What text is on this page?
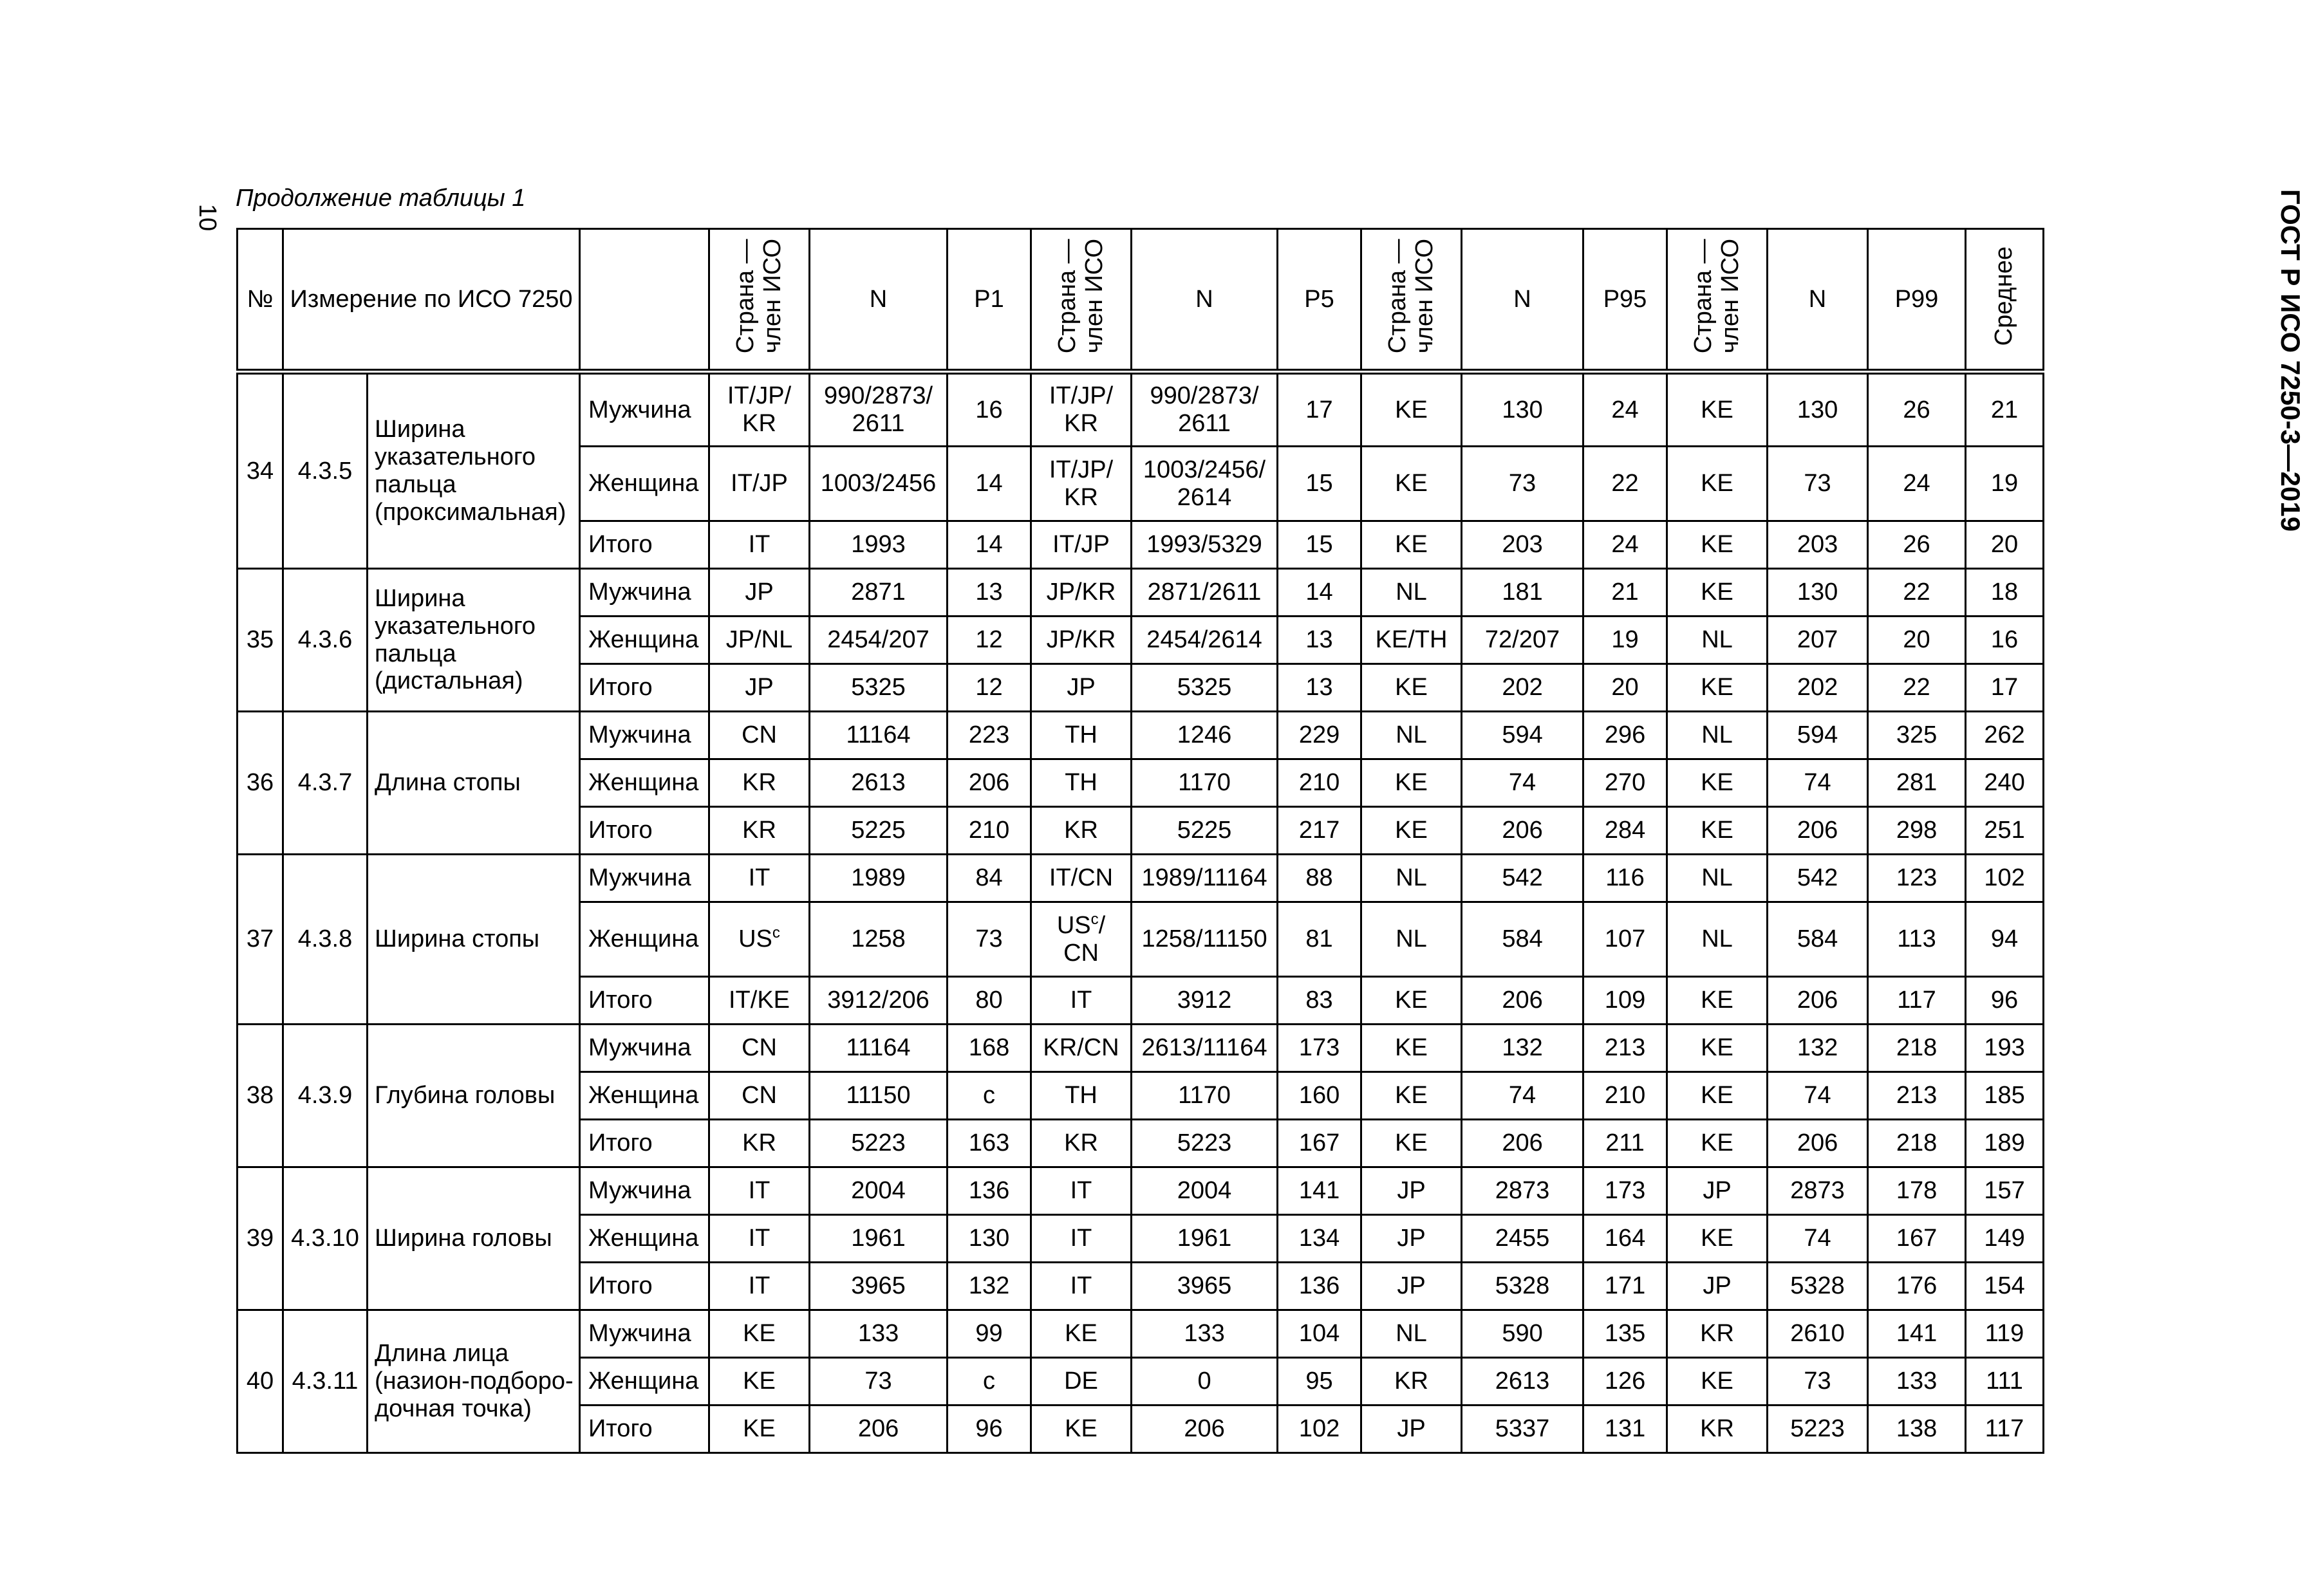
10
Продолжение таблицы 1	ГОСТ Р ИСО 7250-3—2019
№	Измерение по ИСО 7250			Страна —
член ИСО	N	P1	Страна —
член ИСО	N	P5	Страна —
член ИСО	N	P95	Страна —
член ИСО	N	P99	Среднее
34	4.3.5	Ширина указательного пальца (проксимальная)	Мужчина	IT/JP/
KR	990/2873/
2611	16	IT/JP/
KR	990/2873/
2611	17	KE	130	24	KE	130	26	21
			Женщина	IT/JP	1003/2456	14	IT/JP/
KR	1003/2456/
2614	15	KE	73	22	KE	73	24	19
			Итого	IT	1993	14	IT/JP	1993/5329	15	KE	203	24	KE	203	26	20
35	4.3.6	Ширина указательного пальца (дистальная)	Мужчина	JP	2871	13	JP/KR	2871/2611	14	NL	181	21	KE	130	22	18
			Женщина	JP/NL	2454/207	12	JP/KR	2454/2614	13	KE/TH	72/207	19	NL	207	20	16
			Итого	JP	5325	12	JP	5325	13	KE	202	20	KE	202	22	17
36	4.3.7	Длина стопы	Мужчина	CN	11164	223	TH	1246	229	NL	594	296	NL	594	325	262
			Женщина	KR	2613	206	TH	1170	210	KE	74	270	KE	74	281	240
			Итого	KR	5225	210	KR	5225	217	KE	206	284	KE	206	298	251
37	4.3.8	Ширина стопы	Мужчина	IT	1989	84	IT/CN	1989/11164	88	NL	542	116	NL	542	123	102
			Женщина	$US^c$	1258	73	$US^c/$
CN	1258/11150	81	NL	584	107	NL	584	113	94
			Итого	IT/KE	3912/206	80	IT	3912	83	KE	206	109	KE	206	117	96
38	4.3.9	Глубина головы	Мужчина	CN	11164	168	KR/CN	2613/11164	173	KE	132	213	KE	132	218	193
			Женщина	CN	11150	c	TH	1170	160	KE	74	210	KE	74	213	185
			Итого	KR	5223	163	KR	5223	167	KE	206	211	KE	206	218	189
39	4.3.10	Ширина головы	Мужчина	IT	2004	136	IT	2004	141	JP	2873	173	JP	2873	178	157
			Женщина	IT	1961	130	IT	1961	134	JP	2455	164	KE	74	167	149
			Итого	IT	3965	132	IT	3965	136	JP	5328	171	JP	5328	176	154
40	4.3.11	Длина лица (назион-подборо-дочная точка)	Мужчина	KE	133	99	KE	133	104	NL	590	135	KR	2610	141	119
			Женщина	KE	73	c	DE	0	95	KR	2613	126	KE	73	133	111
			Итого	KE	206	96	KE	206	102	JP	5337	131	KR	5223	138	117
